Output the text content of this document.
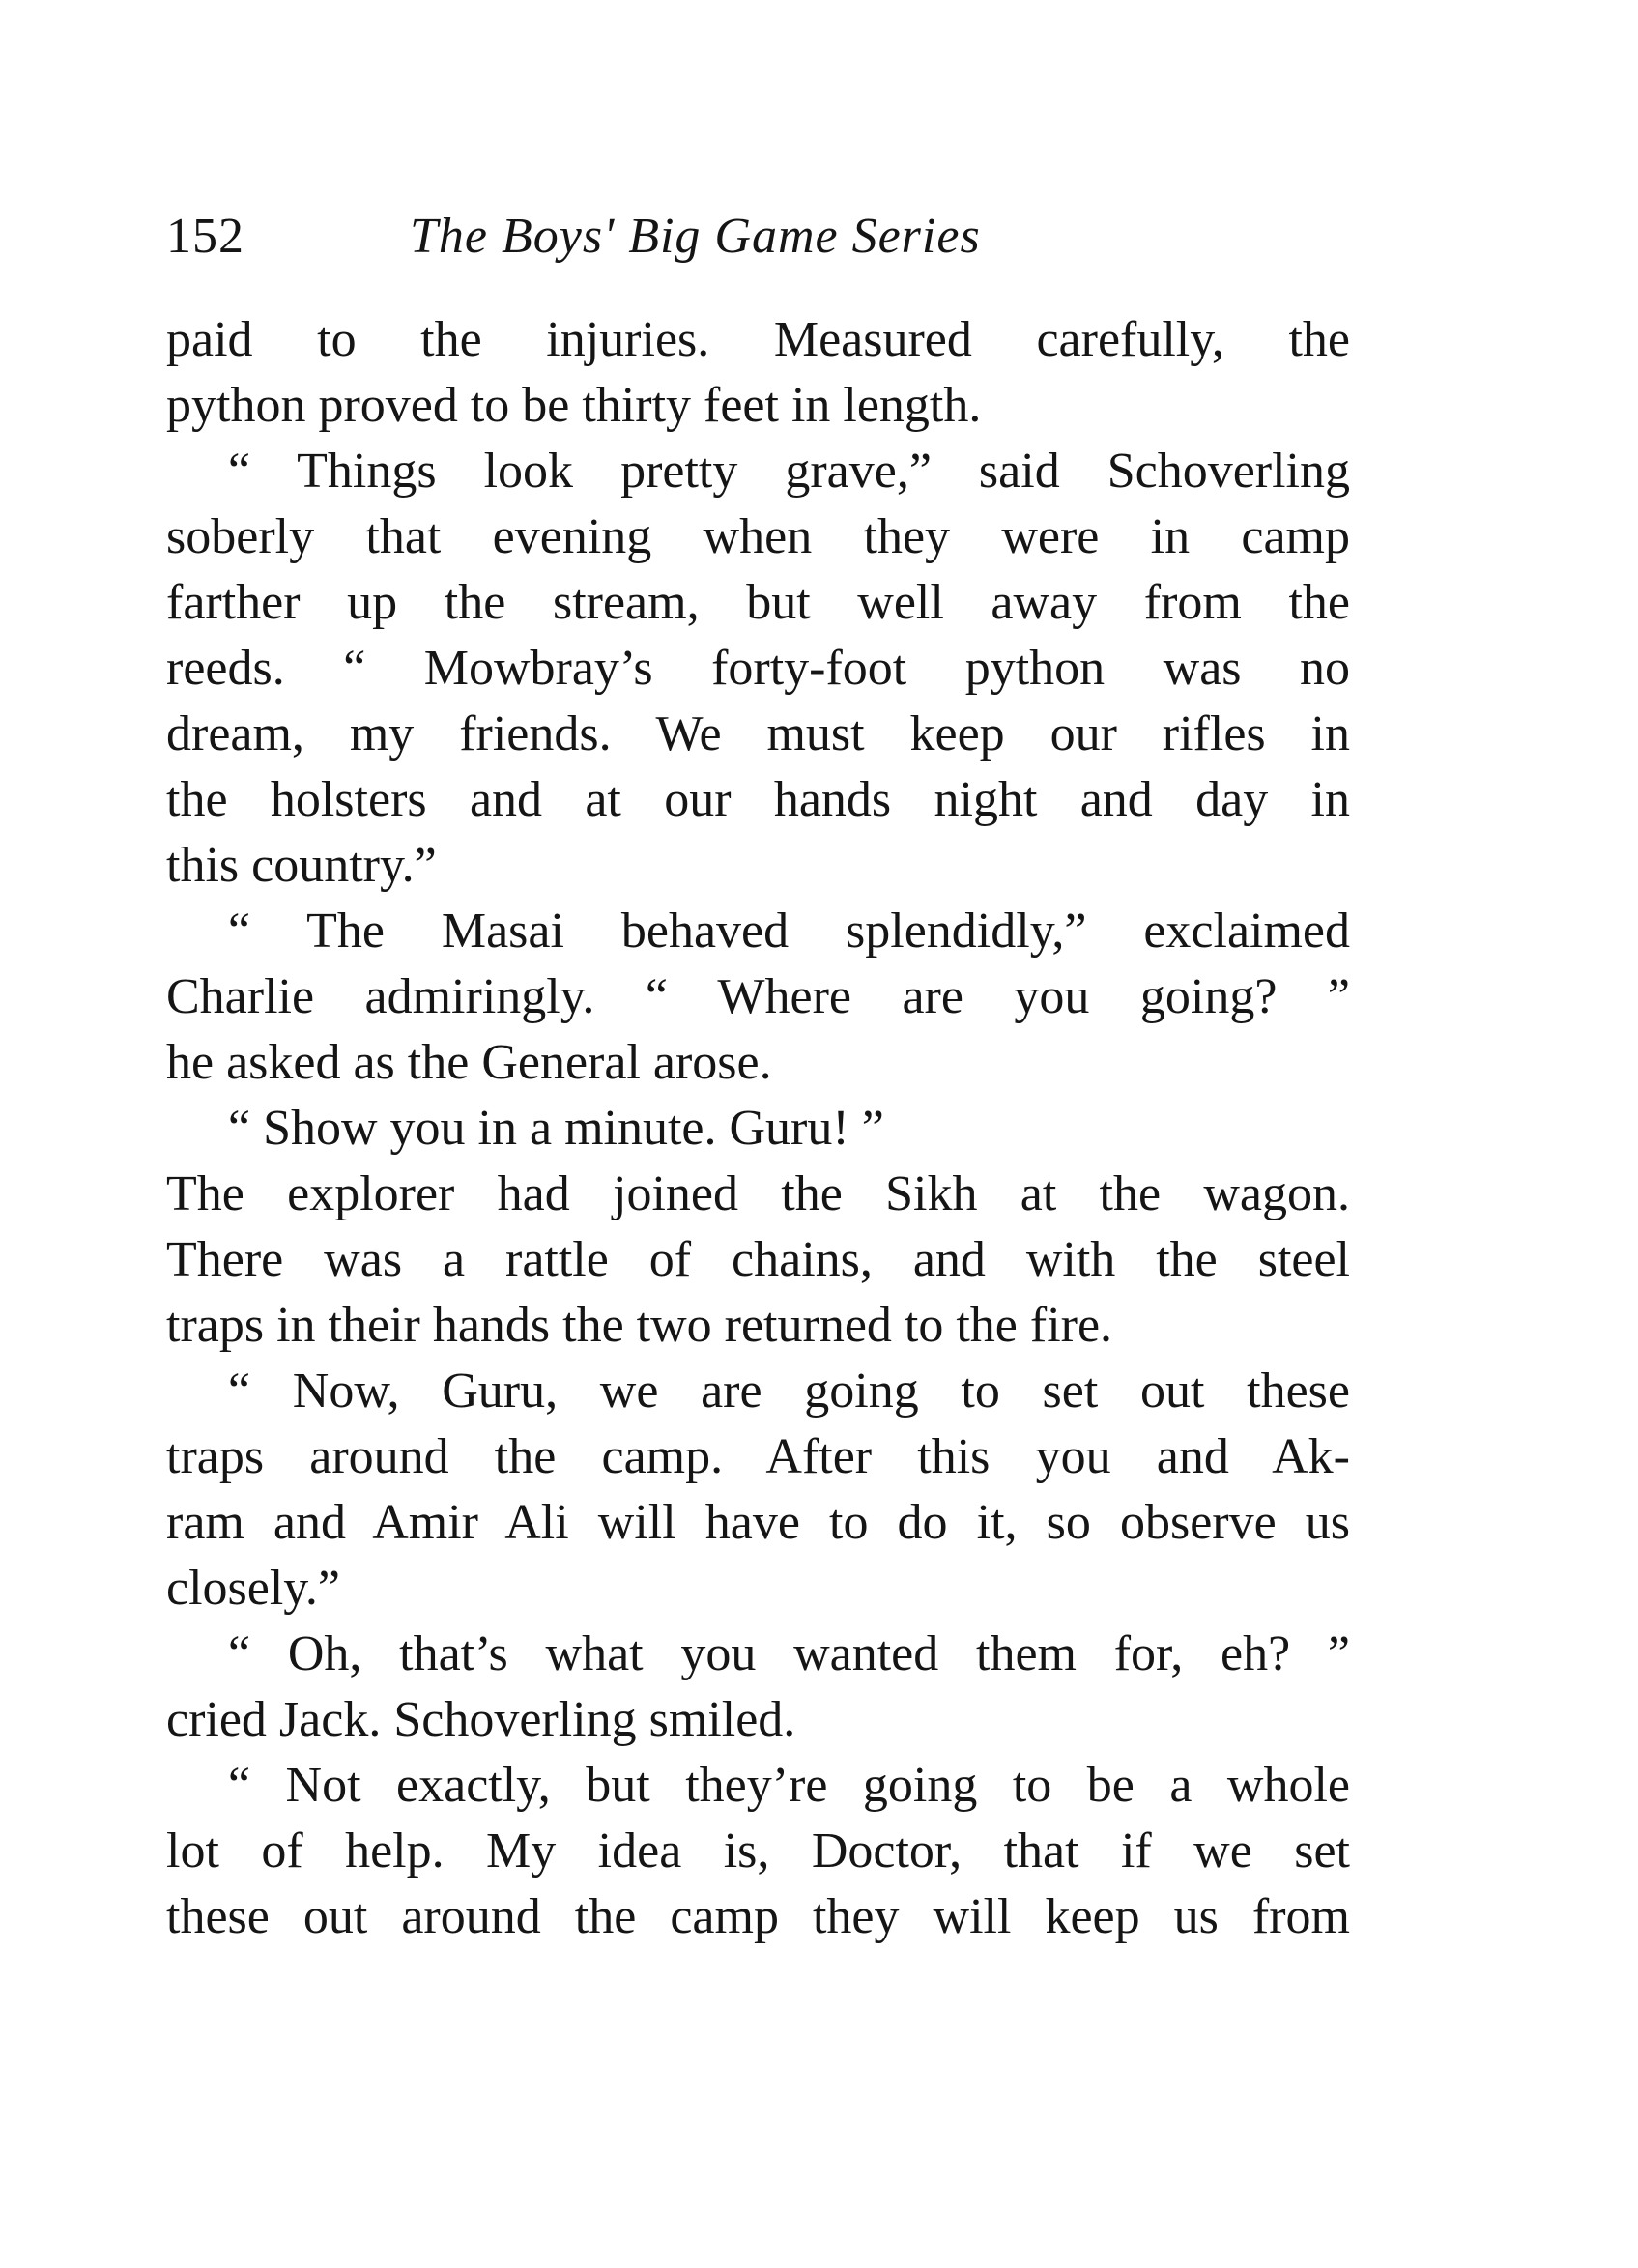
152	The Boys' Big Game Series
paid to the injuries. Measured carefully, the
python proved to be thirty feet in length.
“ Things look pretty grave,” said Schoverling
soberly that evening when they were in camp
farther up the stream, but well away from the
reeds. “ Mowbray’s forty-foot python was no
dream, my friends. We must keep our rifles in
the holsters and at our hands night and day in
this country.”
“ The Masai behaved splendidly,” exclaimed
Charlie admiringly. “ Where are you going? ”
he asked as the General arose.
“ Show you in a minute. Guru! ”
The explorer had joined the Sikh at the wagon.
There was a rattle of chains, and with the steel
traps in their hands the two returned to the fire.
“ Now, Guru, we are going to set out these
traps around the camp. After this you and Ak-
ram and Amir Ali will have to do it, so observe us
closely.”
“ Oh, that’s what you wanted them for, eh? ”
cried Jack. Schoverling smiled.
“ Not exactly, but they’re going to be a whole
lot of help. My idea is, Doctor, that if we set
these out around the camp they will keep us from
